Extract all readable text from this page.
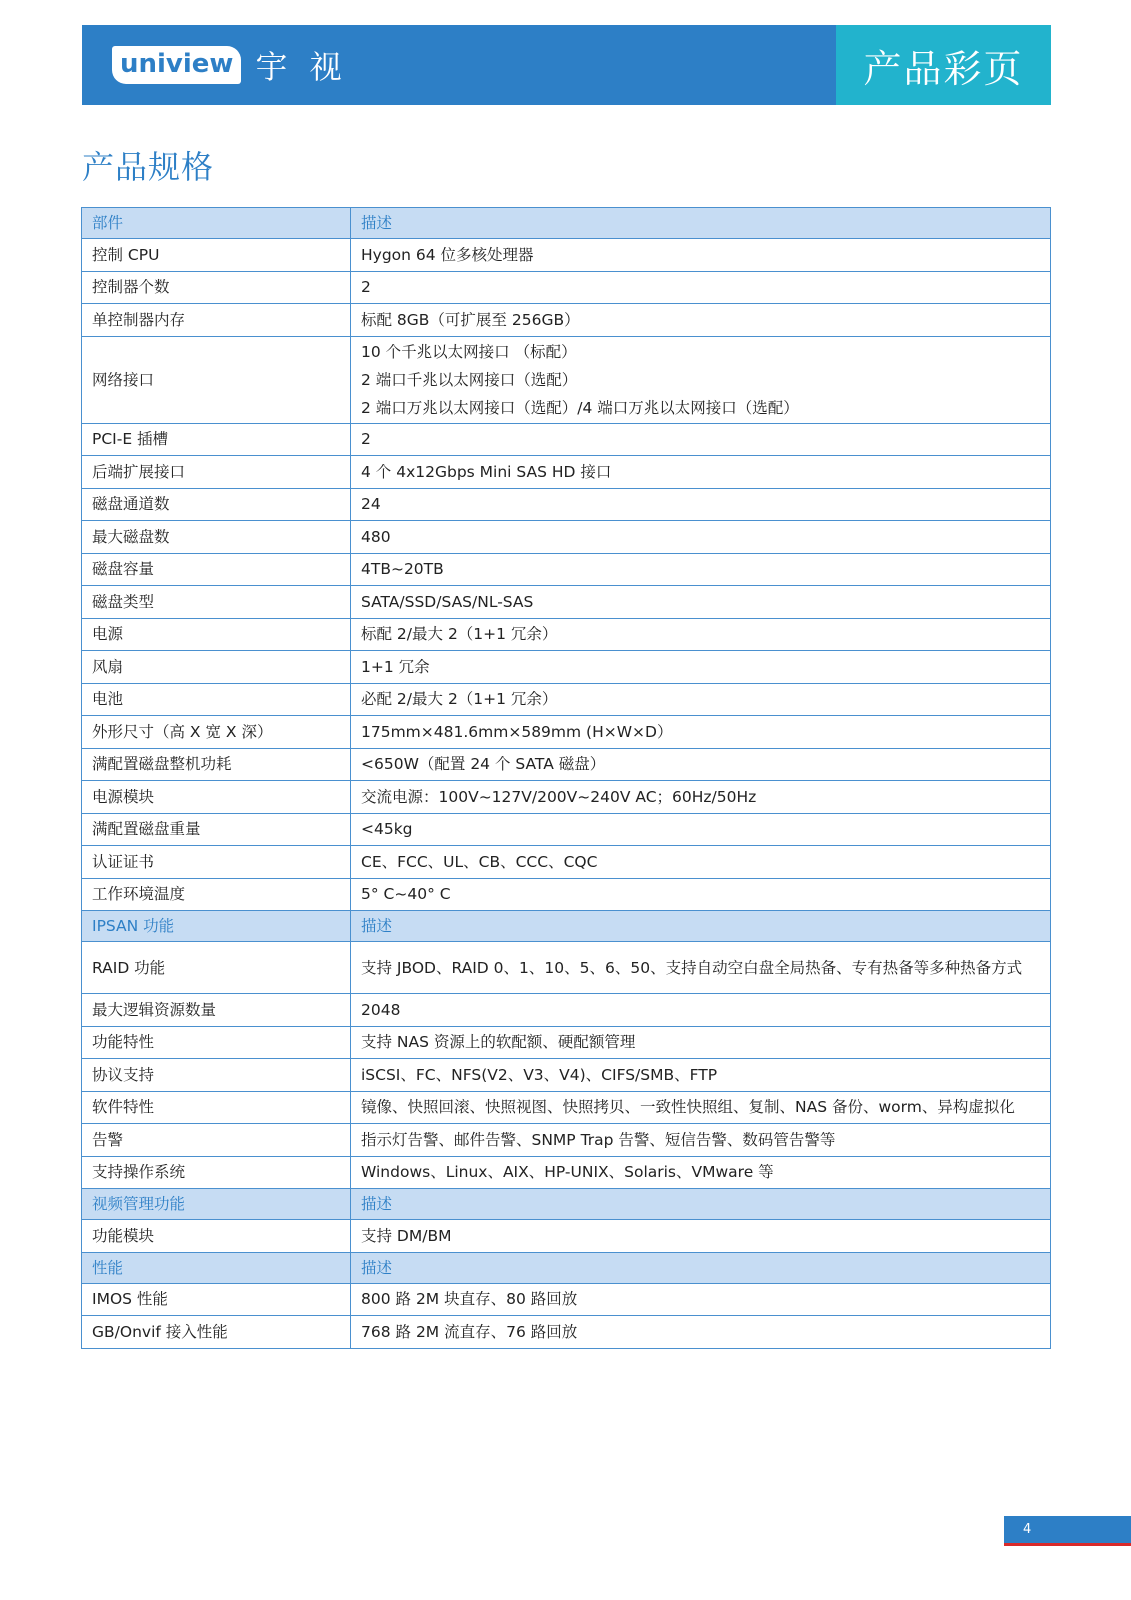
uniview 宇 视	产品彩页
产品规格
部件	描述
控制 CPU	Hygon 64 位多核处理器

控制器个数	2

单控制器内存	标配 8GB（可扩展至 256GB）

网络接口	10 个千兆以太网接口 （标配）
2 端口千兆以太网接口（选配）
2 端口万兆以太网接口（选配）/4 端口万兆以太网接口（选配）

PCI-E 插槽	2

后端扩展接口	4 个 4x12Gbps Mini SAS HD 接口

磁盘通道数	24

最大磁盘数	480

磁盘容量	4TB~20TB

磁盘类型	SATA/SSD/SAS/NL-SAS

电源	标配 2/最大 2（1+1 冗余）

风扇	1+1 冗余

电池	必配 2/最大 2（1+1 冗余）

外形尺寸（高 X 宽 X 深）	175mm×481.6mm×589mm (H×W×D）

满配置磁盘整机功耗	<650W（配置 24 个 SATA 磁盘）

电源模块	交流电源：100V~127V/200V~240V AC；60Hz/50Hz

满配置磁盘重量	<45kg

认证证书	CE、FCC、UL、CB、CCC、CQC

工作环境温度	5° C~40° C

IPSAN 功能	描述
RAID 功能	支持 JBOD、RAID 0、1、10、5、6、50、支持自动空白盘全局热备、专有热备等多种热备方式

最大逻辑资源数量	2048

功能特性	支持 NAS 资源上的软配额、硬配额管理

协议支持	iSCSI、FC、NFS(V2、V3、V4)、CIFS/SMB、FTP

软件特性	镜像、快照回滚、快照视图、快照拷贝、一致性快照组、复制、NAS 备份、worm、异构虚拟化

告警	指示灯告警、邮件告警、SNMP Trap 告警、短信告警、数码管告警等

支持操作系统	Windows、Linux、AIX、HP-UNIX、Solaris、VMware 等

视频管理功能	描述
功能模块	支持 DM/BM

性能	描述
IMOS 性能	800 路 2M 块直存、80 路回放

GB/Onvif 接入性能	768 路 2M 流直存、76 路回放
4
